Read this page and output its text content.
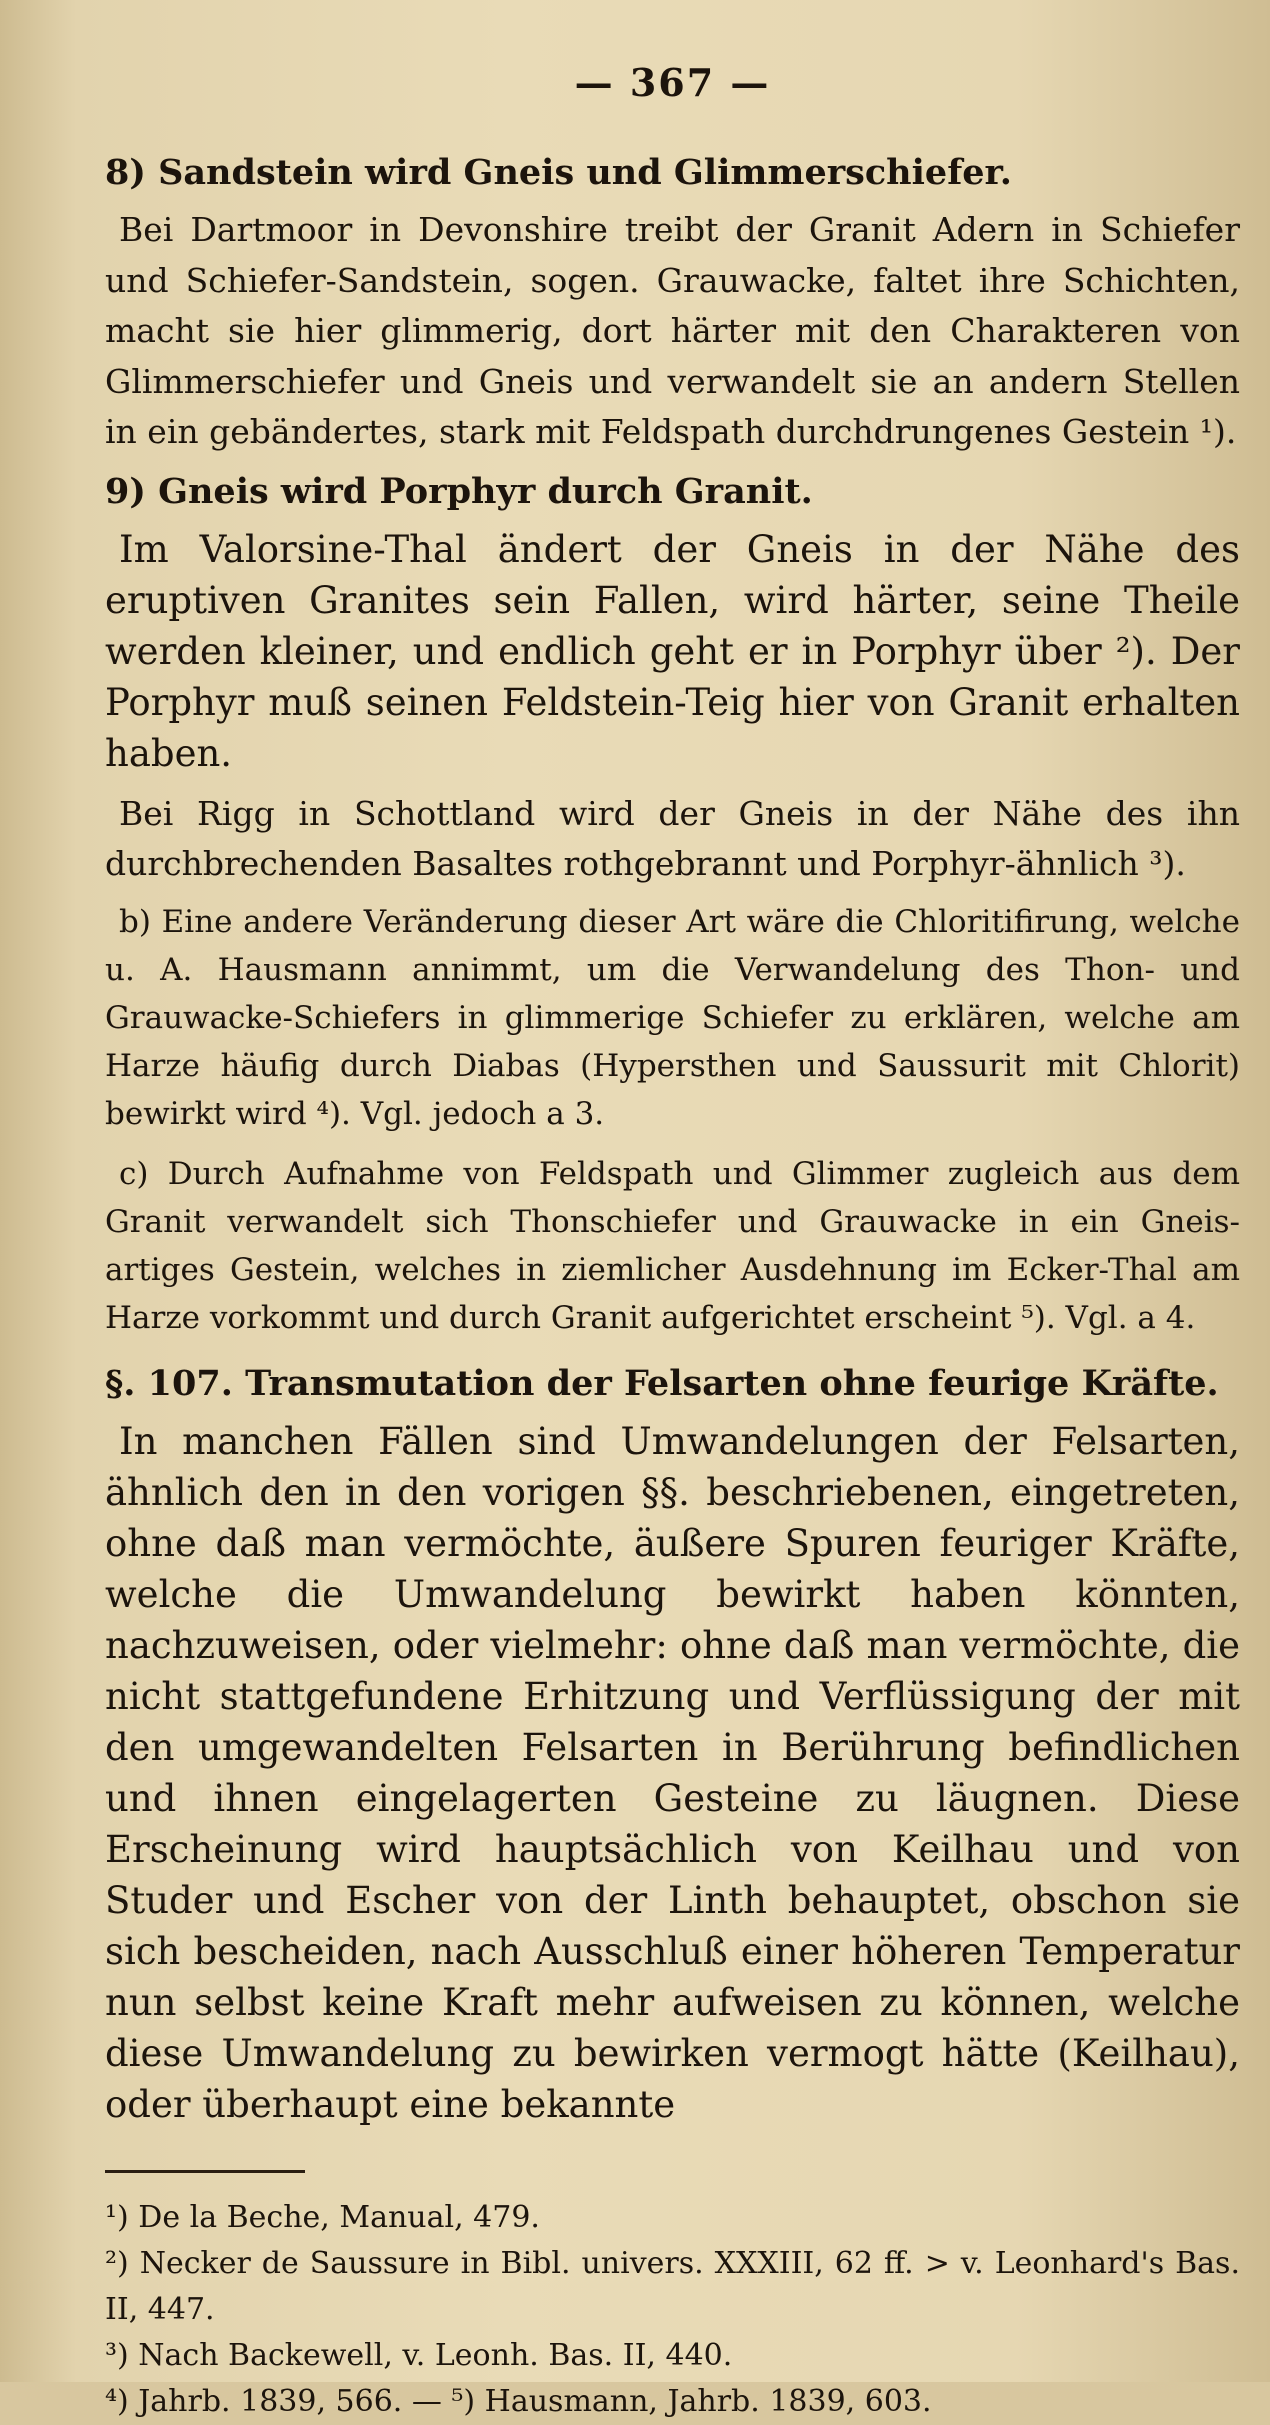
— 367 —

8) Sandstein wird Gneis und Glimmerschiefer.

Bei Dartmoor in Devonshire treibt der Granit Adern in Schiefer und Schiefer-Sandstein, sogen. Grauwacke, faltet ihre Schichten, macht sie hier glimmerig, dort härter mit den Charakteren von Glimmerschiefer und Gneis und verwandelt sie an andern Stellen in ein gebändertes, stark mit Feldspath durchdrungenes Gestein ¹).

9) Gneis wird Porphyr durch Granit.

Im Valorsine-Thal ändert der Gneis in der Nähe des eruptiven Granites sein Fallen, wird härter, seine Theile werden kleiner, und endlich geht er in Porphyr über ²). Der Porphyr muß seinen Feldstein-Teig hier von Granit erhalten haben.

Bei Rigg in Schottland wird der Gneis in der Nähe des ihn durchbrechenden Basaltes rothgebrannt und Porphyr-ähnlich ³).

b) Eine andere Veränderung dieser Art wäre die Chloritifirung, welche u. A. Hausmann annimmt, um die Verwandelung des Thon- und Grauwacke-Schiefers in glimmerige Schiefer zu erklären, welche am Harze häufig durch Diabas (Hypersthen und Saussurit mit Chlorit) bewirkt wird ⁴). Vgl. jedoch a 3.

c) Durch Aufnahme von Feldspath und Glimmer zugleich aus dem Granit verwandelt sich Thonschiefer und Grauwacke in ein Gneis-artiges Gestein, welches in ziemlicher Ausdehnung im Ecker-Thal am Harze vorkommt und durch Granit aufgerichtet erscheint ⁵). Vgl. a 4.

§. 107. Transmutation der Felsarten ohne feurige Kräfte.

In manchen Fällen sind Umwandelungen der Felsarten, ähnlich den in den vorigen §§. beschriebenen, eingetreten, ohne daß man vermöchte, äußere Spuren feuriger Kräfte, welche die Umwandelung bewirkt haben könnten, nachzuweisen, oder vielmehr: ohne daß man vermöchte, die nicht stattgefundene Erhitzung und Verflüssigung der mit den umgewandelten Felsarten in Berührung befindlichen und ihnen eingelagerten Gesteine zu läugnen. Diese Erscheinung wird hauptsächlich von Keilhau und von Studer und Escher von der Linth behauptet, obschon sie sich bescheiden, nach Ausschluß einer höheren Temperatur nun selbst keine Kraft mehr aufweisen zu können, welche diese Umwandelung zu bewirken vermogt hätte (Keilhau), oder überhaupt eine bekannte

¹) De la Beche, Manual, 479.

²) Necker de Saussure in Bibl. univers. XXXIII, 62 ff. > v. Leonhard's Bas. II, 447.

³) Nach Backewell, v. Leonh. Bas. II, 440.

⁴) Jahrb. 1839, 566. — ⁵) Hausmann, Jahrb. 1839, 603.
